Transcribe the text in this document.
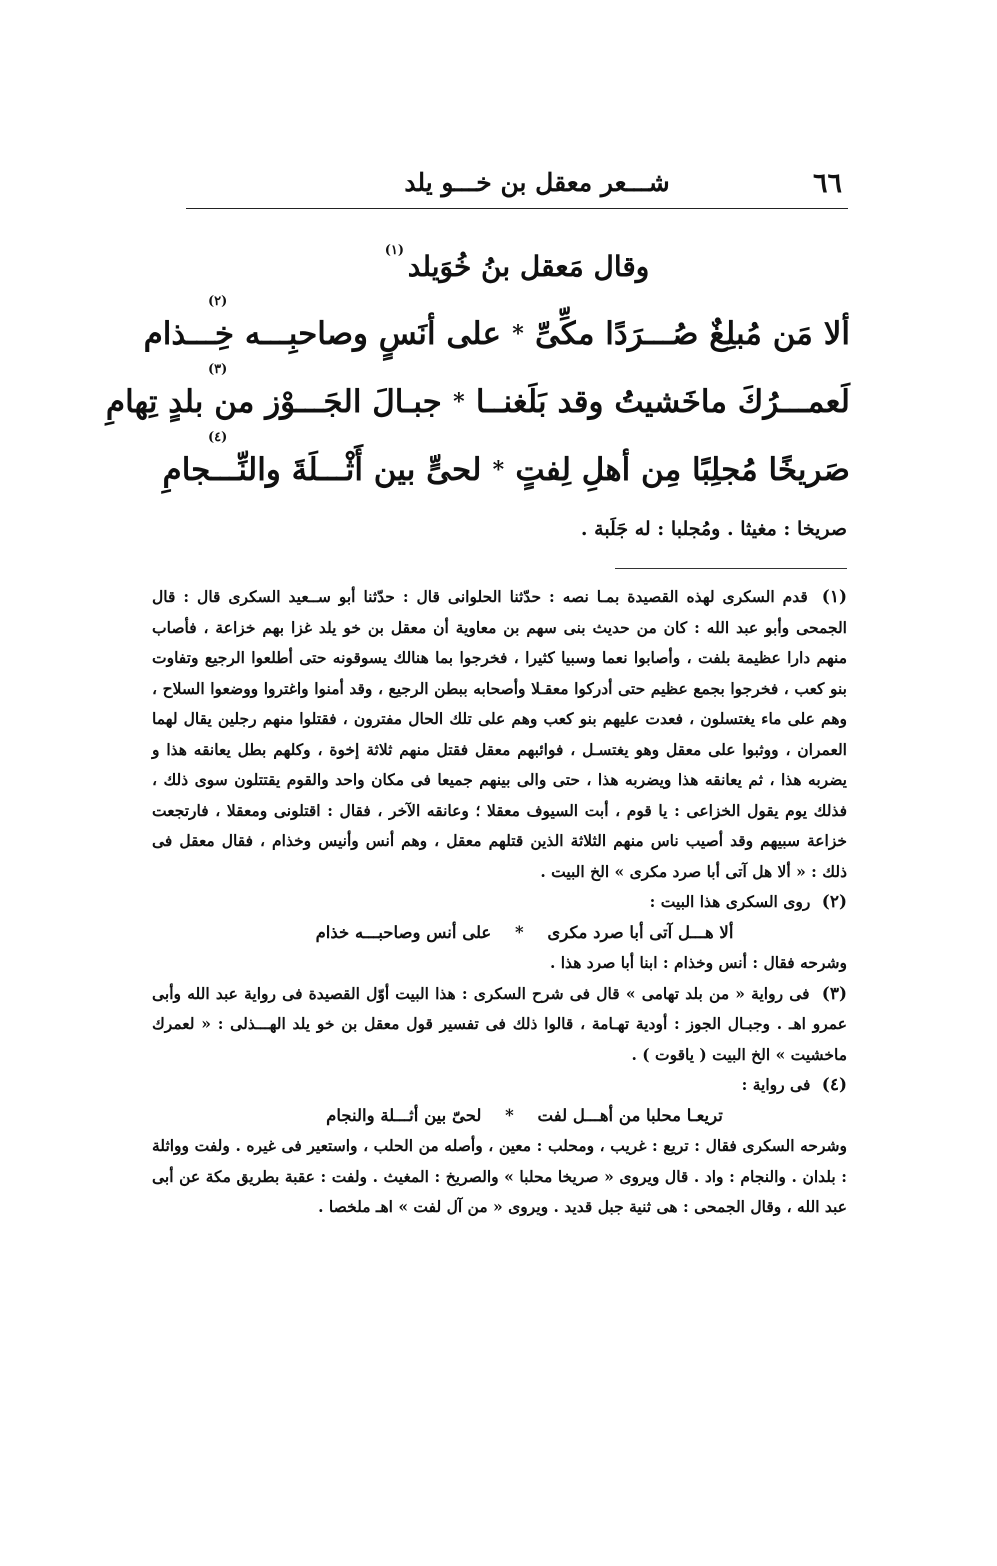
٦٦
شـــعر معقل بن خـــو يلد
وقال مَعقل بنُ خُوَيلد $^{(١)}$
(٢)
ألا مَن مُبلِغٌ صُـــرَدًا مكِّىِّ
*
على أنَسٍ وصاحبِـــه خِـــذام
(٣)
لَعمـــرُكَ ماخَشيتُ وقد بَلَغنــا
*
جبـالَ الجَـــوْز من بلدٍ تِهامِ
(٤)
صَريخًا مُجلِبًا مِن أهلِ لِفتٍ
*
لحىٍّ بين أَثْـــلَةَ والنِّـــجامِ
صريخا : مغيثا . ومُجلبا : له جَلَبة .

(١) قدم السكرى لهذه القصيدة بمـا نصه : حدّثنا الحلوانى قال : حدّثنا أبو ســعيد السكرى قال : قال الجمحى وأبو عبد الله : كان من حديث بنى سهم بن معاوية أن معقل بن خو يلد غزا بهم خزاعة ، فأصاب منهم دارا عظيمة بلفت ، وأصابوا نعما وسبيا كثيرا ، فخرجوا بما هنالك يسوقونه حتى أطلعوا الرجيع وتفاوت بنو كعب ، فخرجوا بجمع عظيم حتى أدركوا معقـلا وأصحابه ببطن الرجيع ، وقد أمنوا واغتروا ووضعوا السلاح ، وهم على ماء يغتسلون ، فعدت عليهم بنو كعب وهم على تلك الحال مفترون ، فقتلوا منهم رجلين يقال لهما العمران ، ووثبوا على معقل وهو يغتسـل ، فوائبهم معقل فقتل منهم ثلاثة إخوة ، وكلهم بطل يعانقه هذا و يضربه هذا ، ثم يعانقه هذا ويضربه هذا ، حتى والى بينهم جميعا فى مكان واحد والقوم يقتتلون سوى ذلك ، فذلك يوم يقول الخزاعى : يا قوم ، أبت السيوف معقلا ؛ وعانقه الآخر ، فقال : اقتلونى ومعقلا ، فارتجعت خزاعة سبيهم وقد أصيب ناس منهم الثلاثة الذين قتلهم معقل ، وهم أنس وأنيس وخذام ، فقال معقل فى ذلك : « ألا هل آتى أبا صرد مكرى » الخ البيت .

(٢) روى السكرى هذا البيت :

ألا هـــل آتى أبا صرد مكرى * على أنس وصاحبـــه خذام

وشرحه فقال : أنس وخذام : ابنا أبا صرد هذا .

(٣) فى رواية « من بلد تهامى » قال فى شرح السكرى : هذا البيت أوّل القصيدة فى رواية عبد الله وأبى عمرو اهـ . وجبـال الجوز : أودية تهـامة ، قالوا ذلك فى تفسير قول معقل بن خو يلد الهـــذلى : « لعمرك ماخشيت » الخ البيت ( ياقوت ) .

(٤) فى رواية :

تريعـا محلبا من أهـــل لفت * لحىّ بين أثـــلة والنجام

وشرحه السكرى فقال : تريع : غريب ، ومحلب : معين ، وأصله من الحلب ، واستعير فى غيره . ولفت وواثلة : بلدان . والنجام : واد . قال ويروى « صريخا محلبا » والصريخ : المغيث . ولفت : عقبة بطريق مكة عن أبى عبد الله ، وقال الجمحى : هى ثنية جبل قديد . ويروى « من آل لفت » اهـ ملخصا .
